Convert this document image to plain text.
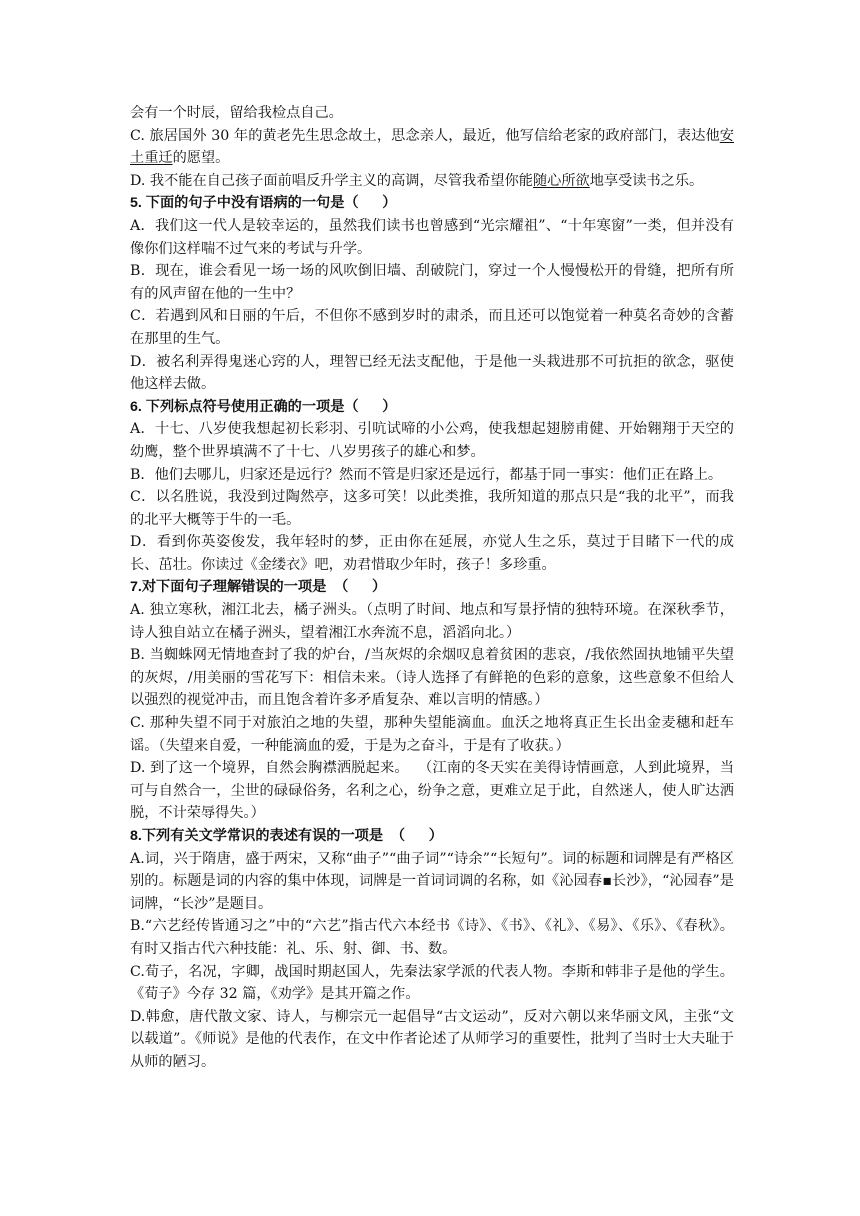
会有一个时辰，留给我检点自己。
C. 旅居国外 30 年的黄老先生思念故土，思念亲人，最近，他写信给老家的政府部门，表达他安土重迁的愿望。
D. 我不能在自己孩子面前唱反升学主义的高调，尽管我希望你能随心所欲地享受读书之乐。
5. 下面的句子中没有语病的一句是（      ）
A．我们这一代人是较幸运的，虽然我们读书也曾感到“光宗耀祖”、“十年寒窗”一类，但并没有像你们这样喘不过气来的考试与升学。
B．现在，谁会看见一场一场的风吹倒旧墙、刮破院门，穿过一个人慢慢松开的骨缝，把所有所有的风声留在他的一生中？
C．若遇到风和日丽的午后，不但你不感到岁时的肃杀，而且还可以饱觉着一种莫名奇妙的含蓄在那里的生气。
D．被名利弄得鬼迷心窍的人，理智已经无法支配他，于是他一头栽进那不可抗拒的欲念，驱使他这样去做。
6. 下列标点符号使用正确的一项是（      ）
A．十七、八岁使我想起初长彩羽、引吭试啼的小公鸡，使我想起翅膀甫健、开始翱翔于天空的幼鹰，整个世界填满不了十七、八岁男孩子的雄心和梦。
B．他们去哪儿，归家还是远行？然而不管是归家还是远行，都基于同一事实：他们正在路上。
C．以名胜说，我没到过陶然亭，这多可笑！以此类推，我所知道的那点只是“我的北平”，而我的北平大概等于牛的一毛。
D．看到你英姿俊发，我年轻时的梦，正由你在延展，亦觉人生之乐，莫过于目睹下一代的成长、茁壮。你读过《金缕衣》吧，劝君惜取少年时，孩子！多珍重。
7.对下面句子理解错误的一项是  （      ）
A. 独立寒秋，湘江北去，橘子洲头。（点明了时间、地点和写景抒情的独特环境。在深秋季节，诗人独自站立在橘子洲头，望着湘江水奔流不息，滔滔向北。）
B. 当蜘蛛网无情地查封了我的炉台，/当灰烬的余烟叹息着贫困的悲哀，/我依然固执地铺平失望的灰烬，/用美丽的雪花写下：相信未来。（诗人选择了有鲜艳的色彩的意象，这些意象不但给人以强烈的视觉冲击，而且饱含着许多矛盾复杂、难以言明的情感。）
C. 那种失望不同于对旅泊之地的失望，那种失望能滴血。血沃之地将真正生长出金麦穗和赶车谣。（失望来自爱，一种能滴血的爱，于是为之奋斗，于是有了收获。）
D. 到了这一个境界，自然会胸襟洒脱起来。  （江南的冬天实在美得诗情画意，人到此境界，当可与自然合一，尘世的碌碌俗务，名利之心，纷争之意，更难立足于此，自然迷人，使人旷达洒脱，不计荣辱得失。）
8.下列有关文学常识的表述有误的一项是  （      ）
A.词，兴于隋唐，盛于两宋，又称“曲子”“曲子词”“诗余”“长短句”。词的标题和词牌是有严格区别的。标题是词的内容的集中体现，词牌是一首词词调的名称，如《沁园春▪长沙》，“沁园春”是词牌，“长沙”是题目。
B.“六艺经传皆通习之”中的“六艺”指古代六本经书《诗》、《书》、《礼》、《易》、《乐》、《春秋》。有时又指古代六种技能：礼、乐、射、御、书、数。
C.荀子，名况，字卿，战国时期赵国人，先秦法家学派的代表人物。李斯和韩非子是他的学生。《荀子》今存 32 篇，《劝学》是其开篇之作。
D.韩愈，唐代散文家、诗人，与柳宗元一起倡导“古文运动”，反对六朝以来华丽文风，主张“文以载道”。《师说》是他的代表作，在文中作者论述了从师学习的重要性，批判了当时士大夫耻于从师的陋习。
